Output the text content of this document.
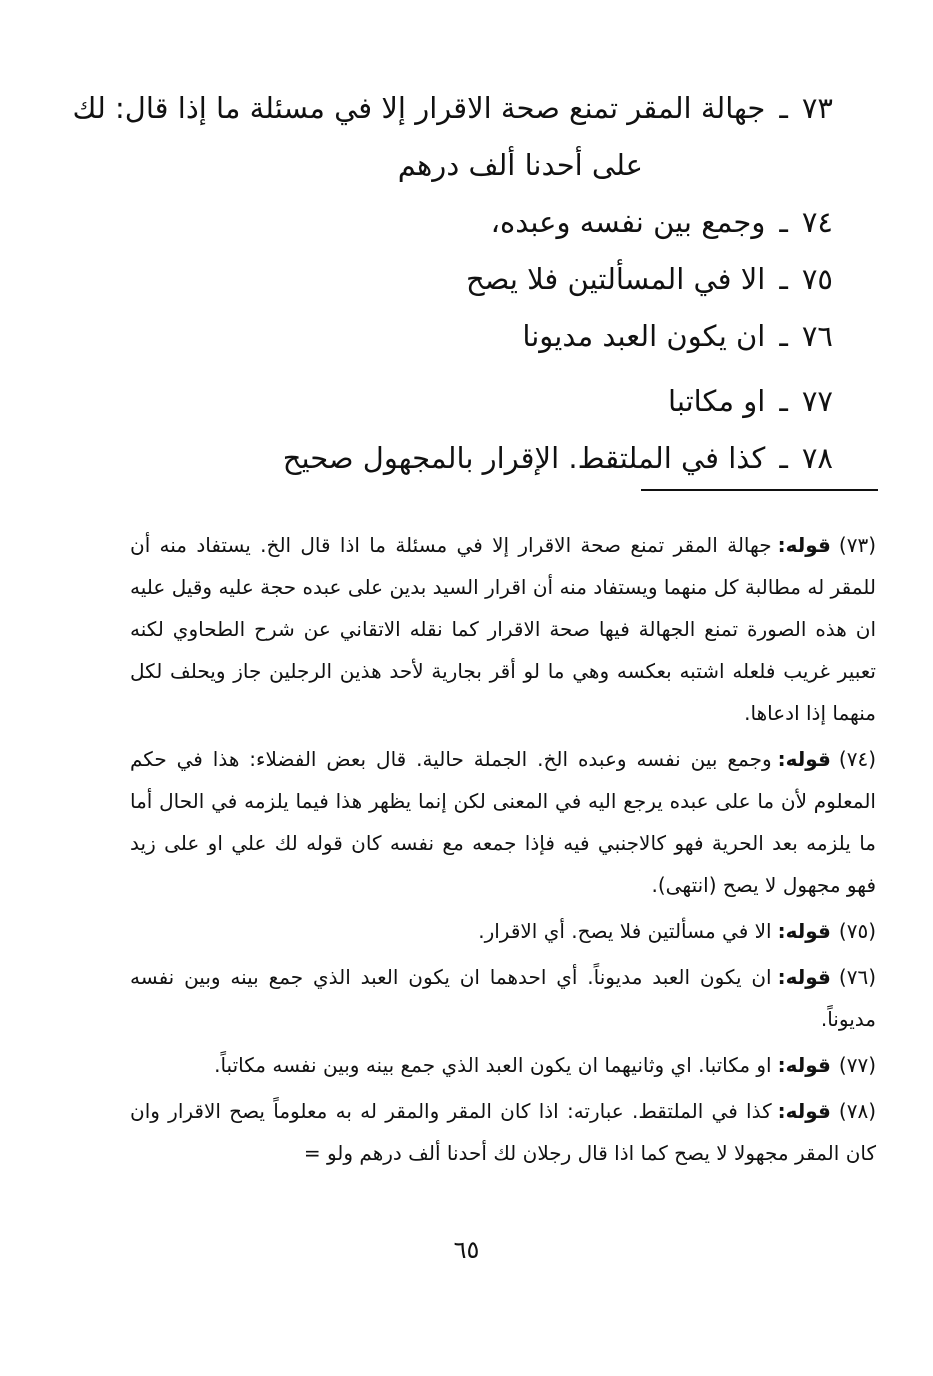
٧٣ـجهالة المقر تمنع صحة الاقرار إلا في مسئلة ما إذا قال: لك
على أحدنا ألف درهم
٧٤ـوجمع بين نفسه وعبده،
٧٥ـالا في المسألتين فلا يصح
٧٦ـان يكون العبد مديونا
٧٧ـاو مكاتبا
٧٨ـكذا في الملتقط. الإقرار بالمجهول صحيح

(٧٣)قوله:جهالة المقر تمنع صحة الاقرار إلا في مسئلة ما اذا قال الخ. يستفاد منه أن للمقر له مطالبة كل منهما ويستفاد منه أن اقرار السيد بدين على عبده حجة عليه وقيل عليه ان هذه الصورة تمنع الجهالة فيها صحة الاقرار كما نقله الاتقاني عن شرح الطحاوي لكنه تعبير غريب فلعله اشتبه بعكسه وهي ما لو أقر بجارية لأحد هذين الرجلين جاز ويحلف لكل منهما إذا ادعاها.

(٧٤)قوله:وجمع بين نفسه وعبده الخ. الجملة حالية. قال بعض الفضلاء: هذا في حكم المعلوم لأن ما على عبده يرجع اليه في المعنى لكن إنما يظهر هذا فيما يلزمه في الحال أما ما يلزمه بعد الحرية فهو كالاجنبي فيه فإذا جمعه مع نفسه كان قوله لك علي او على زيد فهو مجهول لا يصح (انتهى).

(٧٥)قوله:الا في مسألتين فلا يصح. أي الاقرار.

(٧٦)قوله:ان يكون العبد مديوناً. أي احدهما ان يكون العبد الذي جمع بينه وبين نفسه مديوناً.

(٧٧)قوله:او مكاتبا. اي وثانيهما ان يكون العبد الذي جمع بينه وبين نفسه مكاتباً.

(٧٨)قوله:كذا في الملتقط. عبارته: اذا كان المقر والمقر له به معلوماً يصح الاقرار وان كان المقر مجهولا لا يصح كما اذا قال رجلان لك أحدنا ألف درهم ولو =

٦٥
